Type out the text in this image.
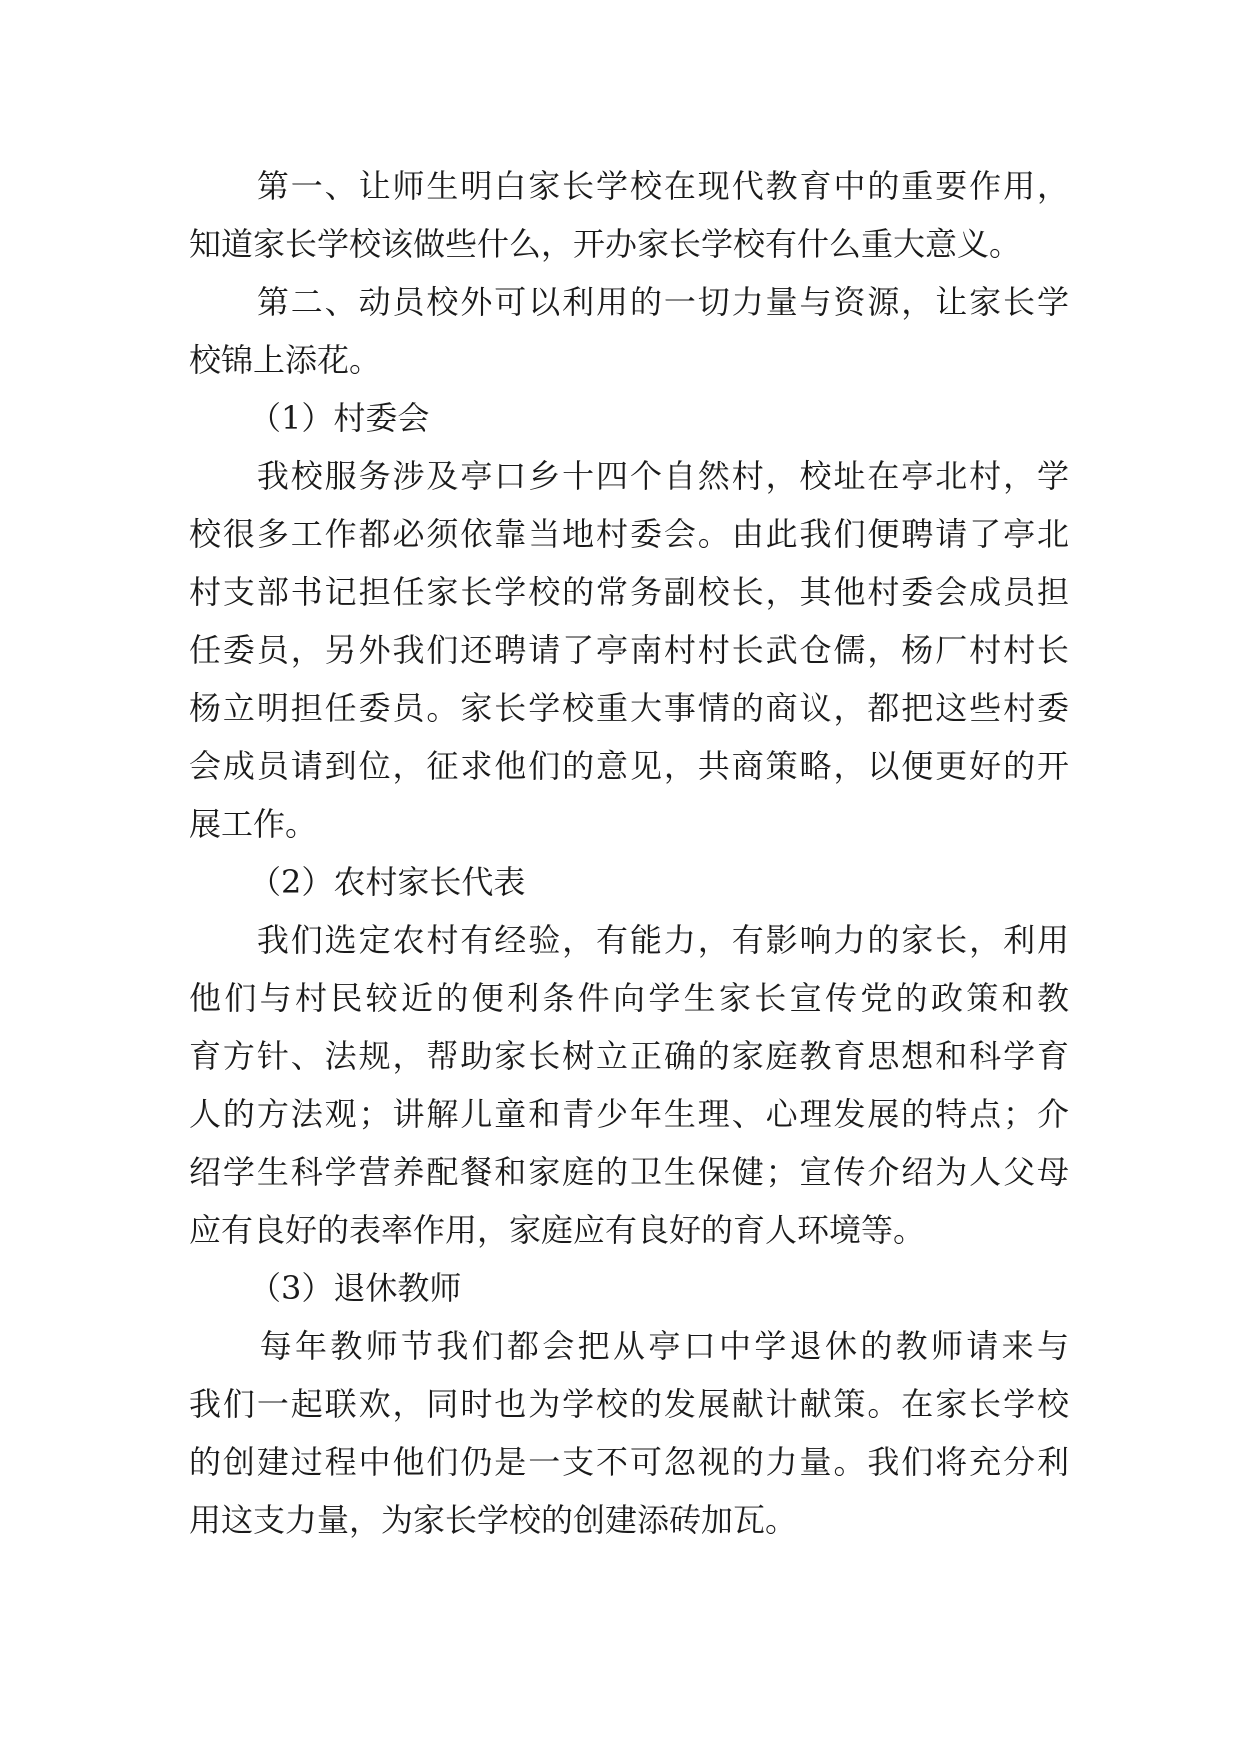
　　第一、让师生明白家长学校在现代教育中的重要作用，
知道家长学校该做些什么，开办家长学校有什么重大意义。
　　第二、动员校外可以利用的一切力量与资源，让家长学
校锦上添花。
（1）村委会
　　我校服务涉及亭口乡十四个自然村，校址在亭北村，学
校很多工作都必须依靠当地村委会。由此我们便聘请了亭北
村支部书记担任家长学校的常务副校长，其他村委会成员担
任委员，另外我们还聘请了亭南村村长武仓儒，杨厂村村长
杨立明担任委员。家长学校重大事情的商议，都把这些村委
会成员请到位，征求他们的意见，共商策略，以便更好的开
展工作。
（2）农村家长代表
　　我们选定农村有经验，有能力，有影响力的家长，利用
他们与村民较近的便利条件向学生家长宣传党的政策和教
育方针、法规，帮助家长树立正确的家庭教育思想和科学育
人的方法观；讲解儿童和青少年生理、心理发展的特点；介
绍学生科学营养配餐和家庭的卫生保健；宣传介绍为人父母
应有良好的表率作用，家庭应有良好的育人环境等。
（3）退休教师
　　每年教师节我们都会把从亭口中学退休的教师请来与
我们一起联欢，同时也为学校的发展献计献策。在家长学校
的创建过程中他们仍是一支不可忽视的力量。我们将充分利
用这支力量，为家长学校的创建添砖加瓦。
